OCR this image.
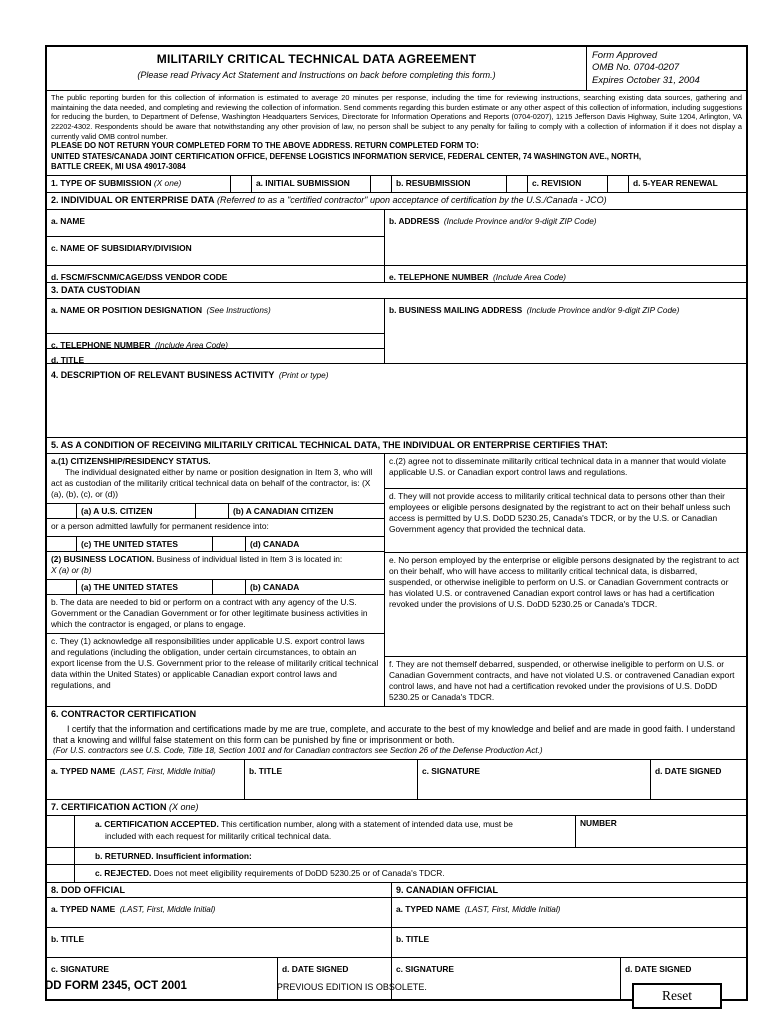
MILITARILY CRITICAL TECHNICAL DATA AGREEMENT
(Please read Privacy Act Statement and Instructions on back before completing this form.)
Form Approved
OMB No. 0704-0207
Expires October 31, 2004
The public reporting burden for this collection of information is estimated to average 20 minutes per response, including the time for reviewing instructions, searching existing data sources, gathering and maintaining the data needed, and completing and reviewing the collection of information. Send comments regarding this burden estimate or any other aspect of this collection of information, including suggestions for reducing the burden, to Department of Defense, Washington Headquarters Services, Directorate for Information Operations and Reports (0704-0207), 1215 Jefferson Davis Highway, Suite 1204, Arlington, VA 22202-4302. Respondents should be aware that notwithstanding any other provision of law, no person shall be subject to any penalty for failing to comply with a collection of information if it does not display a currently valid OMB control number.
PLEASE DO NOT RETURN YOUR COMPLETED FORM TO THE ABOVE ADDRESS. RETURN COMPLETED FORM TO:
UNITED STATES/CANADA JOINT CERTIFICATION OFFICE, DEFENSE LOGISTICS INFORMATION SERVICE, FEDERAL CENTER, 74 WASHINGTON AVE., NORTH,
BATTLE CREEK, MI USA 49017-3084
1. TYPE OF SUBMISSION (X one)	a. INITIAL SUBMISSION	b. RESUBMISSION	c. REVISION	d. 5-YEAR RENEWAL
2. INDIVIDUAL OR ENTERPRISE DATA (Referred to as a "certified contractor" upon acceptance of certification by the U.S./Canada - JCO)
a. NAME
c. NAME OF SUBSIDIARY/DIVISION
b. ADDRESS (Include Province and/or 9-digit ZIP Code)
d. FSCM/FSCNM/CAGE/DSS VENDOR CODE	e. TELEPHONE NUMBER (Include Area Code)
3. DATA CUSTODIAN
a. NAME OR POSITION DESIGNATION (See Instructions)
c. TELEPHONE NUMBER (Include Area Code)
d. TITLE
b. BUSINESS MAILING ADDRESS (Include Province and/or 9-digit ZIP Code)
4. DESCRIPTION OF RELEVANT BUSINESS ACTIVITY (Print or type)
5. AS A CONDITION OF RECEIVING MILITARILY CRITICAL TECHNICAL DATA, THE INDIVIDUAL OR ENTERPRISE CERTIFIES THAT:
a.(1) CITIZENSHIP/RESIDENCY STATUS.
The individual designated either by name or position designation in Item 3, who will act as custodian of the militarily critical technical data on behalf of the contractor, is: (X (a), (b), (c), or (d))
(a) A U.S. CITIZEN	(b) A CANADIAN CITIZEN
or a person admitted lawfully for permanent residence into:
(c) THE UNITED STATES	(d) CANADA
(2) BUSINESS LOCATION. Business of individual listed in Item 3 is located in:
X (a) or (b)
(a) THE UNITED STATES	(b) CANADA
b. The data are needed to bid or perform on a contract with any agency of the U.S. Government or the Canadian Government or for other legitimate business activities in which the contractor is engaged, or plans to engage.
c. They (1) acknowledge all responsibilities under applicable U.S. export control laws and regulations (including the obligation, under certain circumstances, to obtain an export license from the U.S. Government prior to the release of militarily critical technical data within the United States) or applicable Canadian export control laws and regulations, and
c.(2) agree not to disseminate militarily critical technical data in a manner that would violate applicable U.S. or Canadian export control laws and regulations.
d. They will not provide access to militarily critical technical data to persons other than their employees or eligible persons designated by the registrant to act on their behalf unless such access is permitted by U.S. DoDD 5230.25, Canada's TDCR, or by the U.S. or Canadian Government agency that provided the technical data.
e. No person employed by the enterprise or eligible persons designated by the registrant to act on their behalf, who will have access to militarily critical technical data, is disbarred, suspended, or otherwise ineligible to perform on U.S. or Canadian Government contracts or has violated U.S. or contravened Canadian export control laws or has had a certification revoked under the provisions of U.S. DoDD 5230.25 or Canada's TDCR.
f. They are not themself debarred, suspended, or otherwise ineligible to perform on U.S. or Canadian Government contracts, and have not violated U.S. or contravened Canadian export control laws, and have not had a certification revoked under the provisions of U.S. DoDD 5230.25 or Canada's TDCR.
6. CONTRACTOR CERTIFICATION
I certify that the information and certifications made by me are true, complete, and accurate to the best of my knowledge and belief and are made in good faith. I understand that a knowing and willful false statement on this form can be punished by fine or imprisonment or both.
(For U.S. contractors see U.S. Code, Title 18, Section 1001 and for Canadian contractors see Section 26 of the Defense Production Act.)
a. TYPED NAME (LAST, First, Middle Initial)	b. TITLE	c. SIGNATURE	d. DATE SIGNED
7. CERTIFICATION ACTION (X one)
a. CERTIFICATION ACCEPTED. This certification number, along with a statement of intended data use, must be
included with each request for militarily critical technical data.
NUMBER
b. RETURNED. Insufficient information:
c. REJECTED. Does not meet eligibility requirements of DoDD 5230.25 or of Canada's TDCR.
8. DOD OFFICIAL
a. TYPED NAME (LAST, First, Middle Initial)
b. TITLE
c. SIGNATURE	d. DATE SIGNED
9. CANADIAN OFFICIAL
a. TYPED NAME (LAST, First, Middle Initial)
b. TITLE
c. SIGNATURE	d. DATE SIGNED
DD FORM 2345, OCT 2001	PREVIOUS EDITION IS OBSOLETE.
Reset
